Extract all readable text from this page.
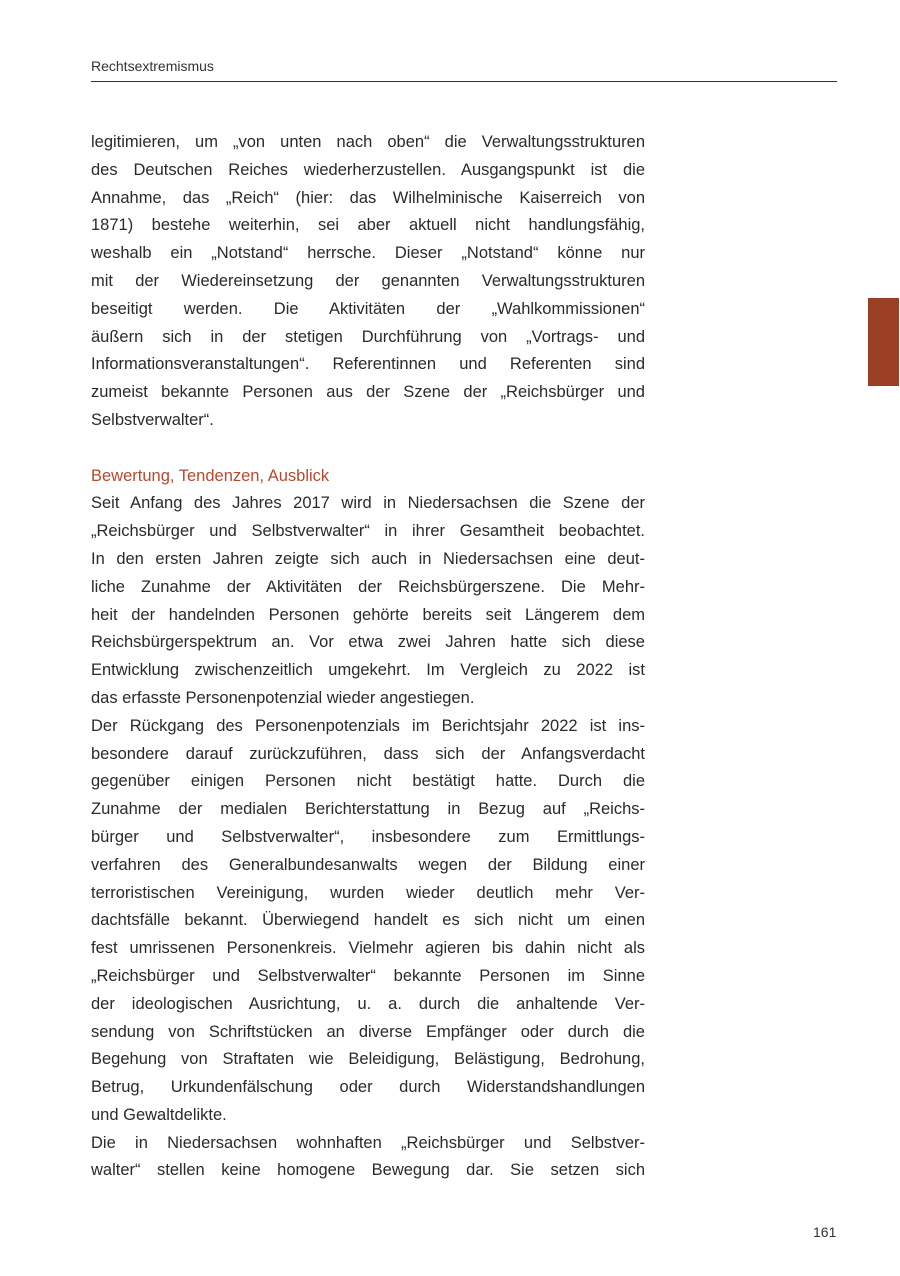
Rechtsextremismus
legitimieren, um „von unten nach oben“ die Verwaltungsstrukturen
des Deutschen Reiches wiederherzustellen. Ausgangspunkt ist die
Annahme, das „Reich“ (hier: das Wilhelminische Kaiserreich von
1871) bestehe weiterhin, sei aber aktuell nicht handlungsfähig,
weshalb ein „Notstand“ herrsche. Dieser „Notstand“ könne nur
mit der Wiedereinsetzung der genannten Verwaltungsstrukturen
beseitigt werden. Die Aktivitäten der „Wahlkommissionen“
äußern sich in der stetigen Durchführung von „Vortrags- und
Informationsveranstaltungen“. Referentinnen und Referenten sind
zumeist bekannte Personen aus der Szene der „Reichsbürger und
Selbstverwalter“.
Bewertung, Tendenzen, Ausblick
Seit Anfang des Jahres 2017 wird in Niedersachsen die Szene der
„Reichsbürger und Selbstverwalter“ in ihrer Gesamtheit beobachtet.
In den ersten Jahren zeigte sich auch in Niedersachsen eine deut-
liche Zunahme der Aktivitäten der Reichsbürgerszene. Die Mehr-
heit der handelnden Personen gehörte bereits seit Längerem dem
Reichsbürgerspektrum an. Vor etwa zwei Jahren hatte sich diese
Entwicklung zwischenzeitlich umgekehrt. Im Vergleich zu 2022 ist
das erfasste Personenpotenzial wieder angestiegen.
Der Rückgang des Personenpotenzials im Berichtsjahr 2022 ist ins-
besondere darauf zurückzuführen, dass sich der Anfangsverdacht
gegenüber einigen Personen nicht bestätigt hatte. Durch die
Zunahme der medialen Berichterstattung in Bezug auf „Reichs-
bürger und Selbstverwalter“, insbesondere zum Ermittlungs-
verfahren des Generalbundesanwalts wegen der Bildung einer
terroristischen Vereinigung, wurden wieder deutlich mehr Ver-
dachtsfälle bekannt. Überwiegend handelt es sich nicht um einen
fest umrissenen Personenkreis. Vielmehr agieren bis dahin nicht als
„Reichsbürger und Selbstverwalter“ bekannte Personen im Sinne
der ideologischen Ausrichtung, u. a. durch die anhaltende Ver-
sendung von Schriftstücken an diverse Empfänger oder durch die
Begehung von Straftaten wie Beleidigung, Belästigung, Bedrohung,
Betrug, Urkundenfälschung oder durch Widerstandshandlungen
und Gewaltdelikte.
Die in Niedersachsen wohnhaften „Reichsbürger und Selbstver-
walter“ stellen keine homogene Bewegung dar. Sie setzen sich
161
